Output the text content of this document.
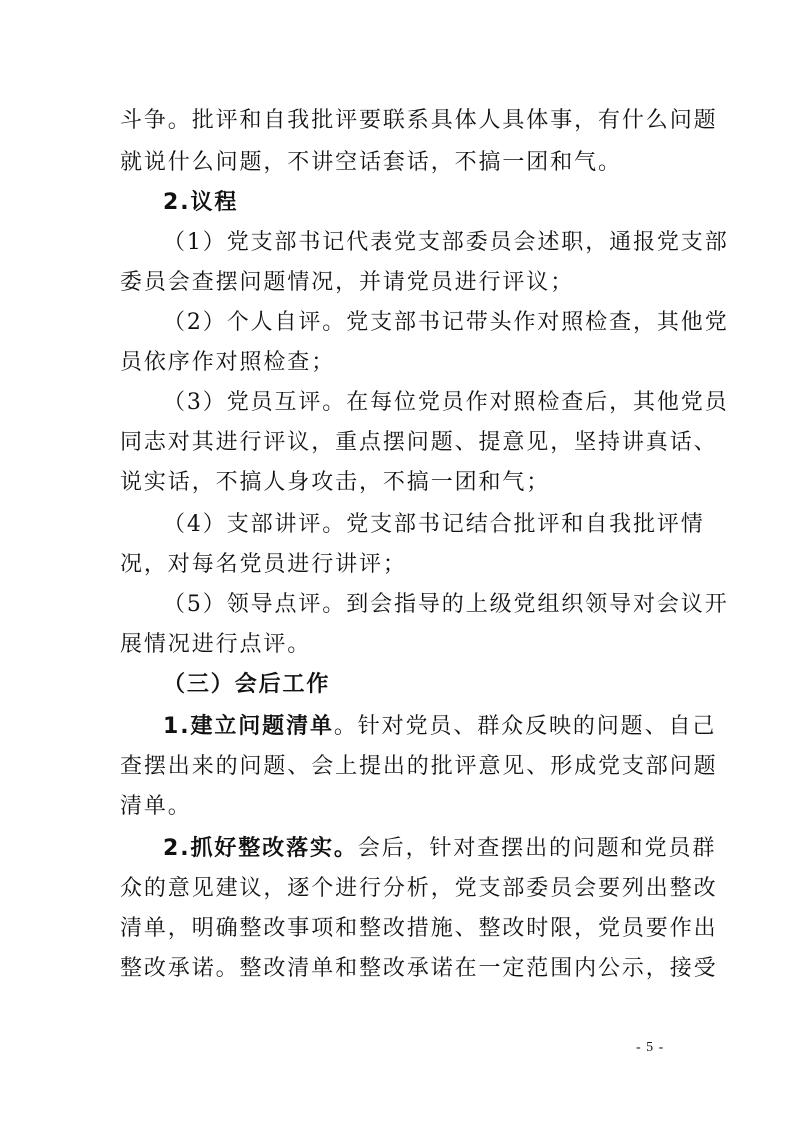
斗争。批评和自我批评要联系具体人具体事，有什么问题
就说什么问题，不讲空话套话，不搞一团和气。
2.议程
（1）党支部书记代表党支部委员会述职，通报党支部
委员会查摆问题情况，并请党员进行评议；
（2）个人自评。党支部书记带头作对照检查，其他党
员依序作对照检查；
（3）党员互评。在每位党员作对照检查后，其他党员
同志对其进行评议，重点摆问题、提意见，坚持讲真话、
说实话，不搞人身攻击，不搞一团和气；
（4）支部讲评。党支部书记结合批评和自我批评情
况，对每名党员进行讲评；
（5）领导点评。到会指导的上级党组织领导对会议开
展情况进行点评。
（三）会后工作
1.建立问题清单。针对党员、群众反映的问题、自己
查摆出来的问题、会上提出的批评意见、形成党支部问题
清单。
2.抓好整改落实。会后，针对查摆出的问题和党员群
众的意见建议，逐个进行分析，党支部委员会要列出整改
清单，明确整改事项和整改措施、整改时限，党员要作出
整改承诺。整改清单和整改承诺在一定范围内公示，接受
- 5 -
